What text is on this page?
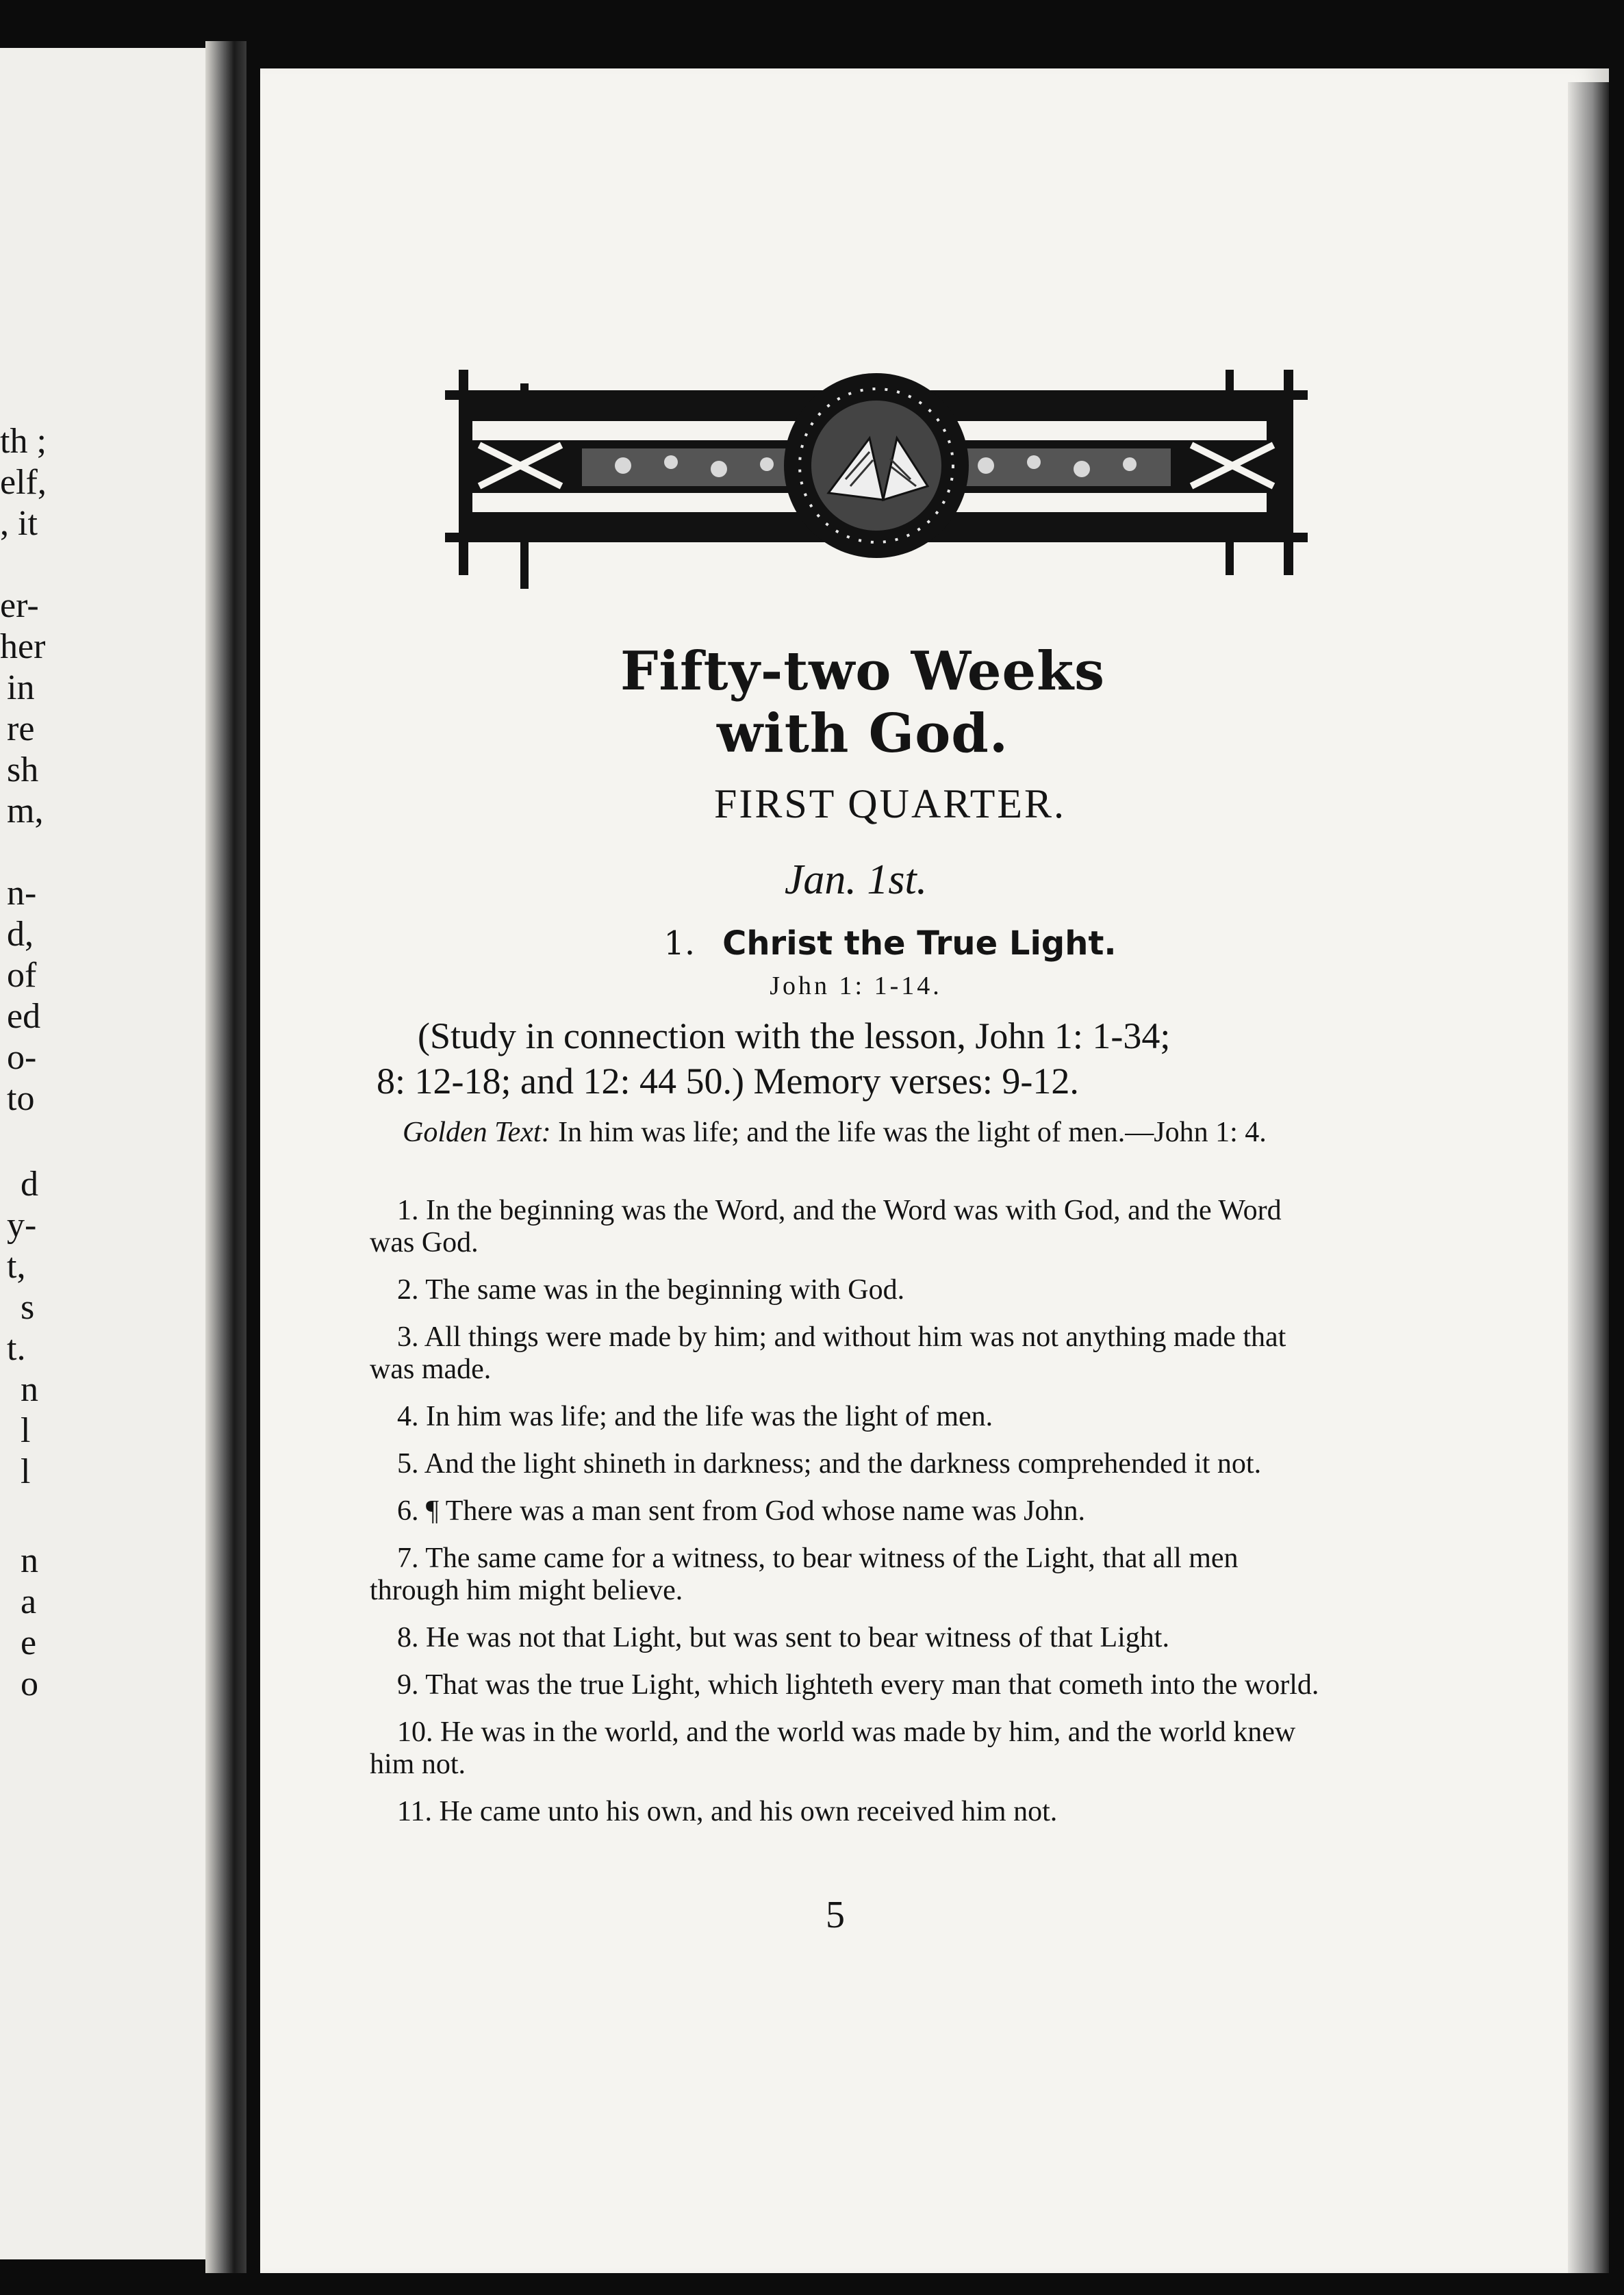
th ;
elf,
, it
er-
her
in
re
sh
m,
n-
d,
of
ed
o-
to
d
y-
t,
s
t.
n
l
l
n
a
e
o
Fifty-two Weeks with God.
FIRST QUARTER.
Jan. 1st.
1. Christ the True Light.
John 1: 1-14.

(Study in connection with the lesson, John 1: 1-34;

8: 12-18; and 12: 44 50.) Memory verses: 9-12.

Golden Text: In him was life; and the life was the light of men.—John 1: 4.

1. In the beginning was the Word, and the Word was with God, and the Word was God.

2. The same was in the beginning with God.

3. All things were made by him; and without him was not anything made that was made.

4. In him was life; and the life was the light of men.

5. And the light shineth in darkness; and the darkness comprehended it not.

6. ¶ There was a man sent from God whose name was John.

7. The same came for a witness, to bear witness of the Light, that all men through him might believe.

8. He was not that Light, but was sent to bear witness of that Light.

9. That was the true Light, which lighteth every man that cometh into the world.

10. He was in the world, and the world was made by him, and the world knew him not.

11. He came unto his own, and his own received him not.

5
